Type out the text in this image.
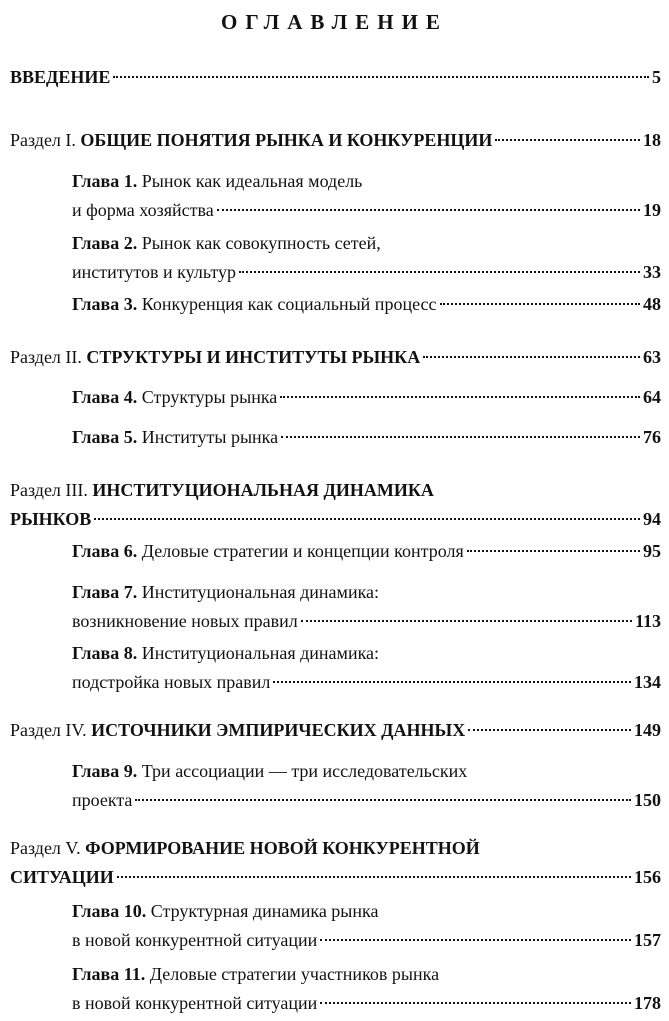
ОГЛАВЛЕНИЕ
ВВЕДЕНИЕ	5
Раздел I.
ОБЩИЕ ПОНЯТИЯ РЫНКА И КОНКУРЕНЦИИ	18
Глава 1.
Рынок как идеальная модель
и форма хозяйства	19
Глава 2.
Рынок как совокупность сетей,
институтов и культур	33
Глава 3.
Конкуренция как социальный процесс	48
Раздел II.
СТРУКТУРЫ И ИНСТИТУТЫ РЫНКА	63
Глава 4.
Структуры рынка	64
Глава 5.
Институты рынка	76
Раздел III.
ИНСТИТУЦИОНАЛЬНАЯ ДИНАМИКА
РЫНКОВ	94
Глава 6.
Деловые стратегии и концепции контроля	95
Глава 7.
Институциональная динамика:
возникновение новых правил	113
Глава 8.
Институциональная динамика:
подстройка новых правил	134
Раздел IV.
ИСТОЧНИКИ ЭМПИРИЧЕСКИХ ДАННЫХ	149
Глава 9.
Три ассоциации — три исследовательских
проекта	150
Раздел V.
ФОРМИРОВАНИЕ НОВОЙ КОНКУРЕНТНОЙ
СИТУАЦИИ	156
Глава 10.
Структурная динамика рынка
в новой конкурентной ситуации	157
Глава 11.
Деловые стратегии участников рынка
в новой конкурентной ситуации	178
